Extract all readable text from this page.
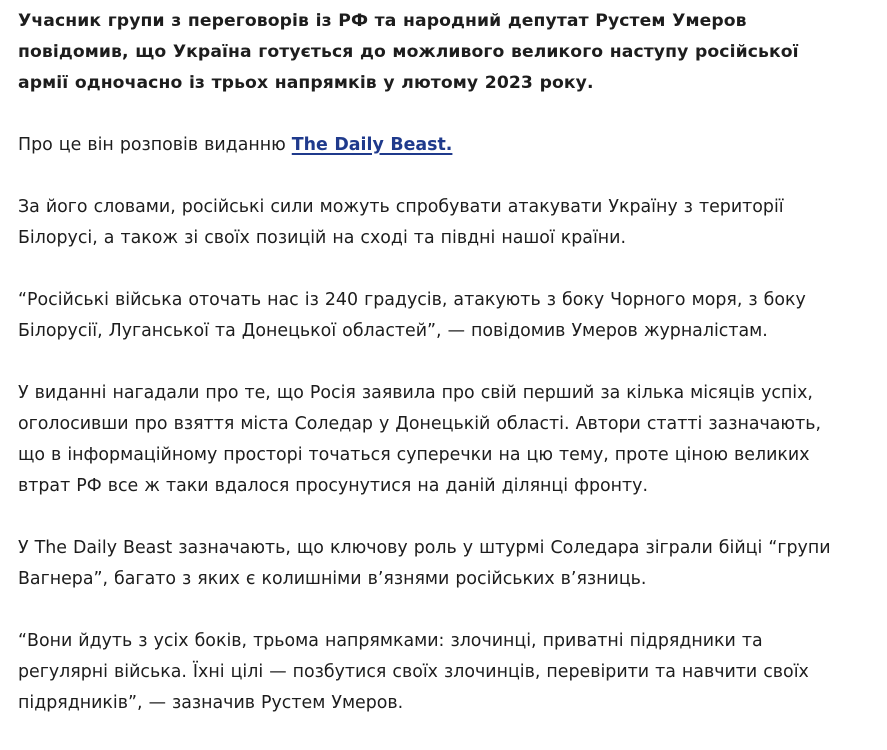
Учасник групи з переговорів із РФ та народний депутат Рустем Умеров повідомив, що Україна готується до можливого великого наступу російської армії одночасно із трьох напрямків у лютому 2023 року.

Про це він розповів виданню The Daily Beast.

За його словами, російські сили можуть спробувати атакувати Україну з території Білорусі, а також зі своїх позицій на сході та півдні нашої країни.

“Російські війська оточать нас із 240 градусів, атакують з боку Чорного моря, з боку Білорусії, Луганської та Донецької областей”, — повідомив Умеров журналістам.

У виданні нагадали про те, що Росія заявила про свій перший за кілька місяців успіх, оголосивши про взяття міста Соледар у Донецькій області. Автори статті зазначають, що в інформаційному просторі точаться суперечки на цю тему, проте ціною великих втрат РФ все ж таки вдалося просунутися на даній ділянці фронту.

У The Daily Beast зазначають, що ключову роль у штурмі Соледара зіграли бійці “групи Вагнера”, багато з яких є колишніми в’язнями російських в’язниць.

“Вони йдуть з усіх боків, трьома напрямками: злочинці, приватні підрядники та регулярні війська. Їхні цілі — позбутися своїх злочинців, перевірити та навчити своїх підрядників”, — зазначив Рустем Умеров.
